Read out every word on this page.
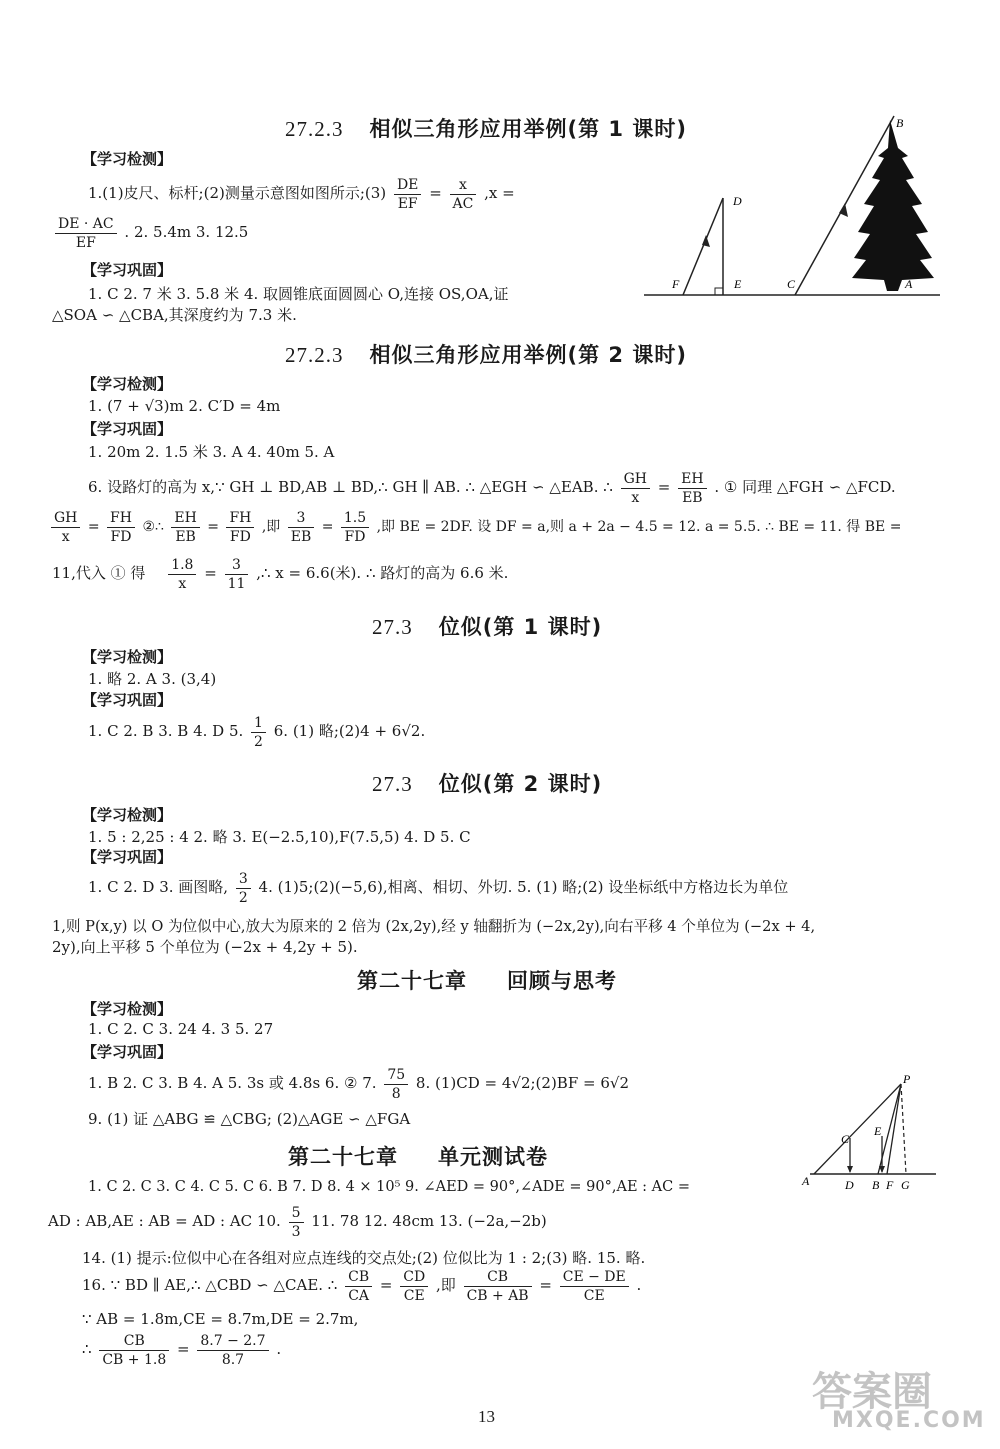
27.2.3 相似三角形应用举例(第 1 课时)
【学习检测】
1.(1)皮尺、标杆;(2)测量示意图如图所示;(3) $\frac{DE}{EF} = \frac{x}{AC} ,x$ =
$\frac{DE \cdot AC}{EF}$ . 2. 5.4m 3. 12.5
【学习巩固】
1. C 2. 7 米 3. 5.8 米 4. 取圆锥底面圆圆心 O,连接 OS,OA,证
△SOA ∽ △CBA,其深度约为 7.3 米.
B
D
F	E	C	A
27.2.3 相似三角形应用举例(第 2 课时)
【学习检测】
1. (7 + √3)m 2. C′D = 4m
【学习巩固】
1. 20m 2. 1.5 米 3. A 4. 40m 5. A
6. 设路灯的高为 x,∵ GH ⊥ BD,AB ⊥ BD,∴ GH ∥ AB. ∴ △EGH ∽ △EAB. ∴ $\frac{GH}{x} = \frac{EH}{EB}$ . ① 同理 △FGH ∽ △FCD.
$\frac{GH}{x} = \frac{FH}{FD}$ ②∴ $\frac{EH}{EB} = \frac{FH}{FD}$ ,即 $\frac{3}{EB} = \frac{1.5}{FD}$ ,即 BE = 2DF. 设 DF = a,则 a + 2a − 4.5 = 12. a = 5.5. ∴ BE = 11. 得 BE =
11,代入 ① 得 $\frac{1.8}{x} = \frac{3}{11}$ ,∴ x = 6.6(米). ∴ 路灯的高为 6.6 米.
27.3 位似(第 1 课时)
【学习检测】
1. 略 2. A 3. (3,4)
【学习巩固】
1. C 2. B 3. B 4. D 5. $\frac{1}{2} 6$. (1) 略;(2)4 + 6√2.
27.3 位似(第 2 课时)
【学习检测】
1. 5 : 2,25 : 4 2. 略 3. E(−2.5,10),F(7.5,5) 4. D 5. C
【学习巩固】
1. C 2. D 3. 画图略, $\frac{3}{2} 4$. (1)5;(2)(−5,6),相离、相切、外切. 5. (1) 略;(2) 设坐标纸中方格边长为单位
1,则 P(x,y) 以 O 为位似中心,放大为原来的 2 倍为 (2x,2y),经 y 轴翻折为 (−2x,2y),向右平移 4 个单位为 (−2x + 4,
2y),向上平移 5 个单位为 (−2x + 4,2y + 5).
第二十七章 回顾与思考
【学习检测】
1. C 2. C 3. 24 4. 3 5. 27
【学习巩固】
1. B 2. C 3. B 4. A 5. 3s 或 4.8s 6. ② 7. $\frac{75}{8} 8$. (1)CD = 4√2;(2)BF = 6√2
9. (1) 证 △ABG ≌ △CBG; (2)△AGE ∽ △FGA
P
C
E
A	D B F G
第二十七章 单元测试卷
1. C 2. C 3. C 4. C 5. C 6. B 7. D 8. 4 × 10⁵ 9. ∠AED = 90°,∠ADE = 90°,AE : AC =
AD : AB,AE : AB = AD : AC 10. $\frac{5}{3} 11$. 78 12. 48cm 13. (−2a,−2b)
14. (1) 提示:位似中心在各组对应点连线的交点处;(2) 位似比为 1 : 2;(3) 略. 15. 略.
16. ∵ BD ∥ AE,∴ △CBD ∽ △CAE. ∴ $\frac{CB}{CA} = \frac{CD}{CE}$ ,即 $\frac{CB}{CB + AB} = \frac{CE - DE}{CE}$ .
∵ AB = 1.8m,CE = 8.7m,DE = 2.7m,
∴ $\frac{CB}{CB + 1.8} = \frac{8.7 - 2.7}{8.7}$ .
13
答案圈
MXQE.COM
